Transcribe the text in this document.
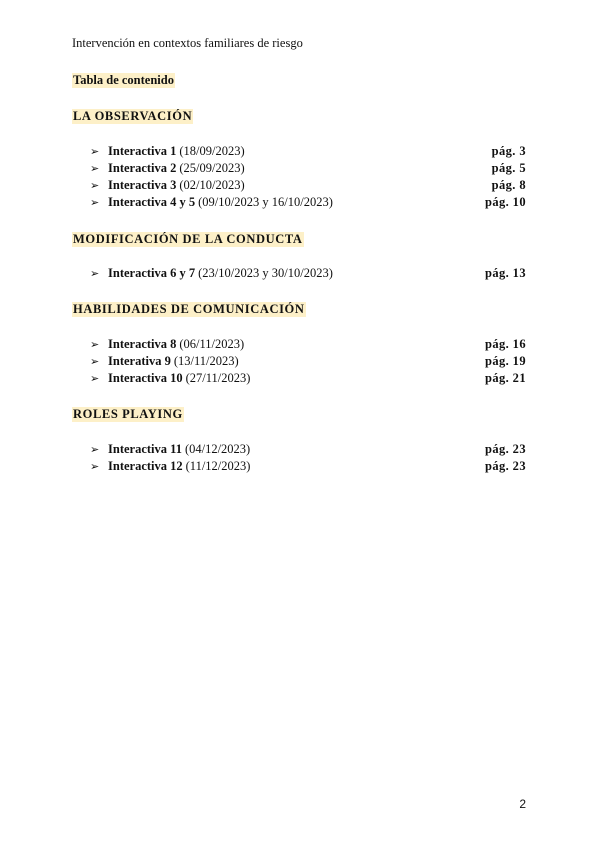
Intervención en contextos familiares de riesgo
Tabla de contenido
LA OBSERVACIÓN
➢ Interactiva 1 (18/09/2023)	pág. 3
➢ Interactiva 2 (25/09/2023)	pág. 5
➢ Interactiva 3 (02/10/2023)	pág. 8
➢ Interactiva 4 y 5 (09/10/2023 y 16/10/2023)	pág. 10
MODIFICACIÓN DE LA CONDUCTA
➢ Interactiva 6 y 7 (23/10/2023 y 30/10/2023)	pág. 13
HABILIDADES DE COMUNICACIÓN
➢ Interactiva 8 (06/11/2023)	pág. 16
➢ Interativa 9 (13/11/2023)	pág. 19
➢ Interactiva 10 (27/11/2023)	pág. 21
ROLES PLAYING
➢ Interactiva 11 (04/12/2023)	pág. 23
➢ Interactiva 12 (11/12/2023)	pág. 23
2
